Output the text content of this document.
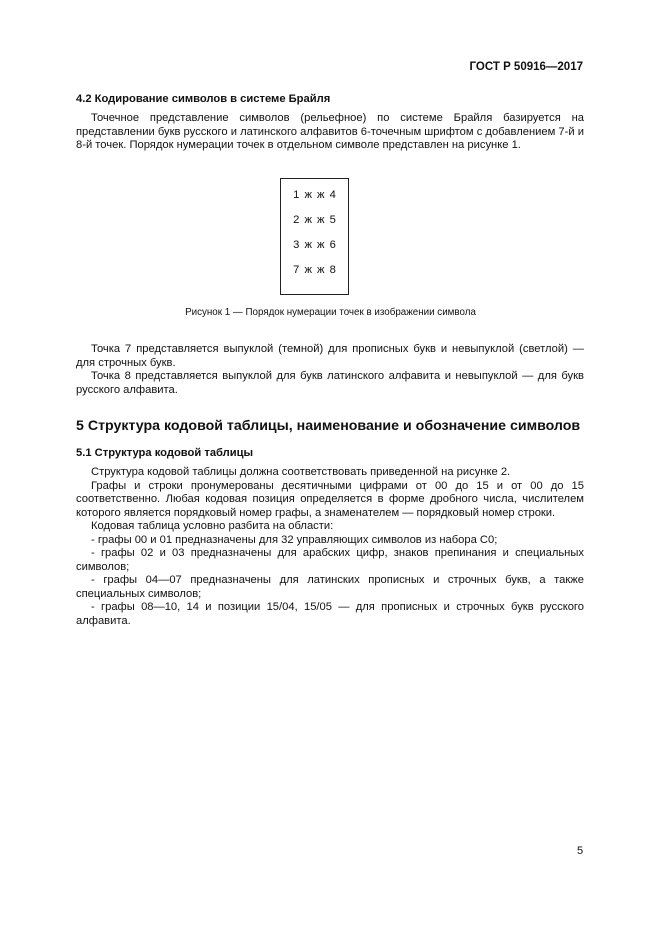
ГОСТ Р 50916—2017
4.2 Кодирование символов в системе Брайля

Точечное представление символов (рельефное) по системе Брайля базируется на представлении букв русского и латинского алфавитов 6-точечным шрифтом с добавлением 7-й и 8-й точек. Порядок нумерации точек в отдельном символе представлен на рисунке 1.

1 ж ж 4
2 ж ж 5
3 ж ж 6
7 ж ж 8
Рисунок 1 — Порядок нумерации точек в изображении символа

Точка 7 представляется выпуклой (темной) для прописных букв и невыпуклой (светлой) — для строчных букв.

Точка 8 представляется выпуклой для букв латинского алфавита и невыпуклой — для букв русского алфавита.

5 Структура кодовой таблицы, наименование и обозначение символов
5.1 Структура кодовой таблицы

Структура кодовой таблицы должна соответствовать приведенной на рисунке 2.

Графы и строки пронумерованы десятичными цифрами от 00 до 15 и от 00 до 15 соответственно. Любая кодовая позиция определяется в форме дробного числа, числителем которого является порядковый номер графы, а знаменателем — порядковый номер строки.

Кодовая таблица условно разбита на области:

- графы 00 и 01 предназначены для 32 управляющих символов из набора С0;

- графы 02 и 03 предназначены для арабских цифр, знаков препинания и специальных символов;

- графы 04—07 предназначены для латинских прописных и строчных букв, а также специальных символов;

- графы 08—10, 14 и позиции 15/04, 15/05 — для прописных и строчных букв русского алфавита.

5
